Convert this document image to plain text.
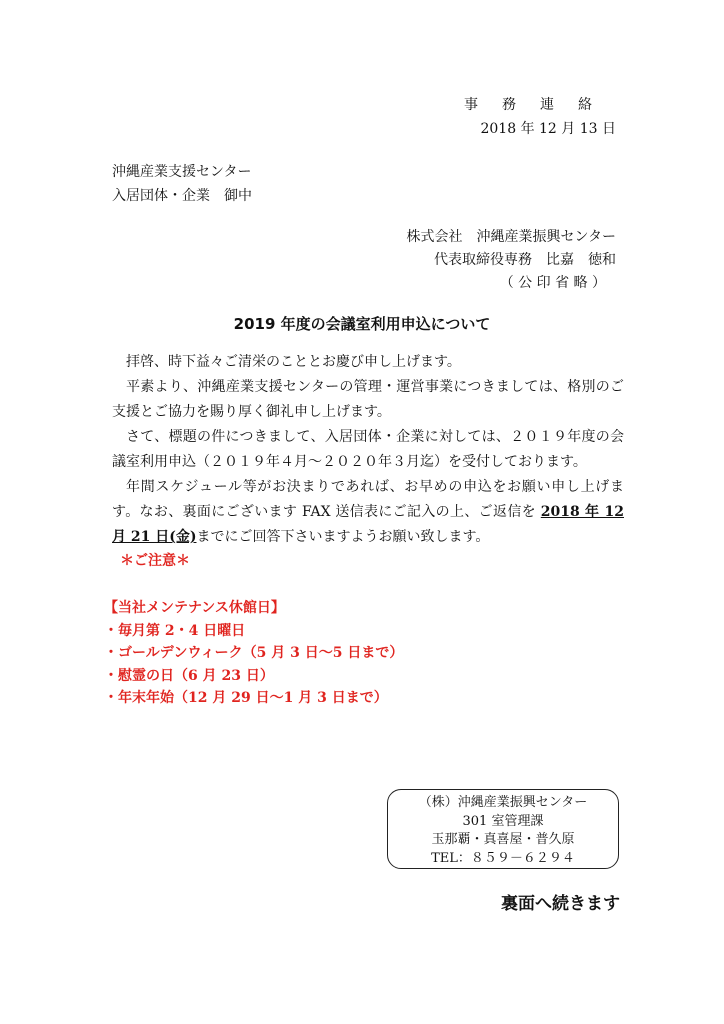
事務連絡
2018 年 12 月 13 日
沖縄産業支援センター
入居団体・企業　御中
株式会社　沖縄産業振興センター
代表取締役専務　比嘉　徳和
（ 公 印 省 略 ）
2019 年度の会議室利用申込について

拝啓、時下益々ご清栄のこととお慶び申し上げます。

平素より、沖縄産業支援センターの管理・運営事業につきましては、格別のご支援とご協力を賜り厚く御礼申し上げます。

さて、標題の件につきまして、入居団体・企業に対しては、２０１９年度の会議室利用申込（２０１９年４月～２０２０年３月迄）を受付しております。

年間スケジュール等がお決まりであれば、お早めの申込をお願い申し上げます。なお、裏面にございます FAX 送信表にご記入の上、ご返信を 2018 年 12 月 21 日(金)までにご回答下さいますようお願い致します。

＊ご注意＊
【当社メンテナンス休館日】
・毎月第 2・4 日曜日
・ゴールデンウィーク（5 月 3 日～5 日まで）
・慰霊の日（6 月 23 日）
・年末年始（12 月 29 日～1 月 3 日まで）
（株）沖縄産業振興センター
301 室管理課
玉那覇・真喜屋・普久原
TEL：８５９－６２９４
裏面へ続きます
